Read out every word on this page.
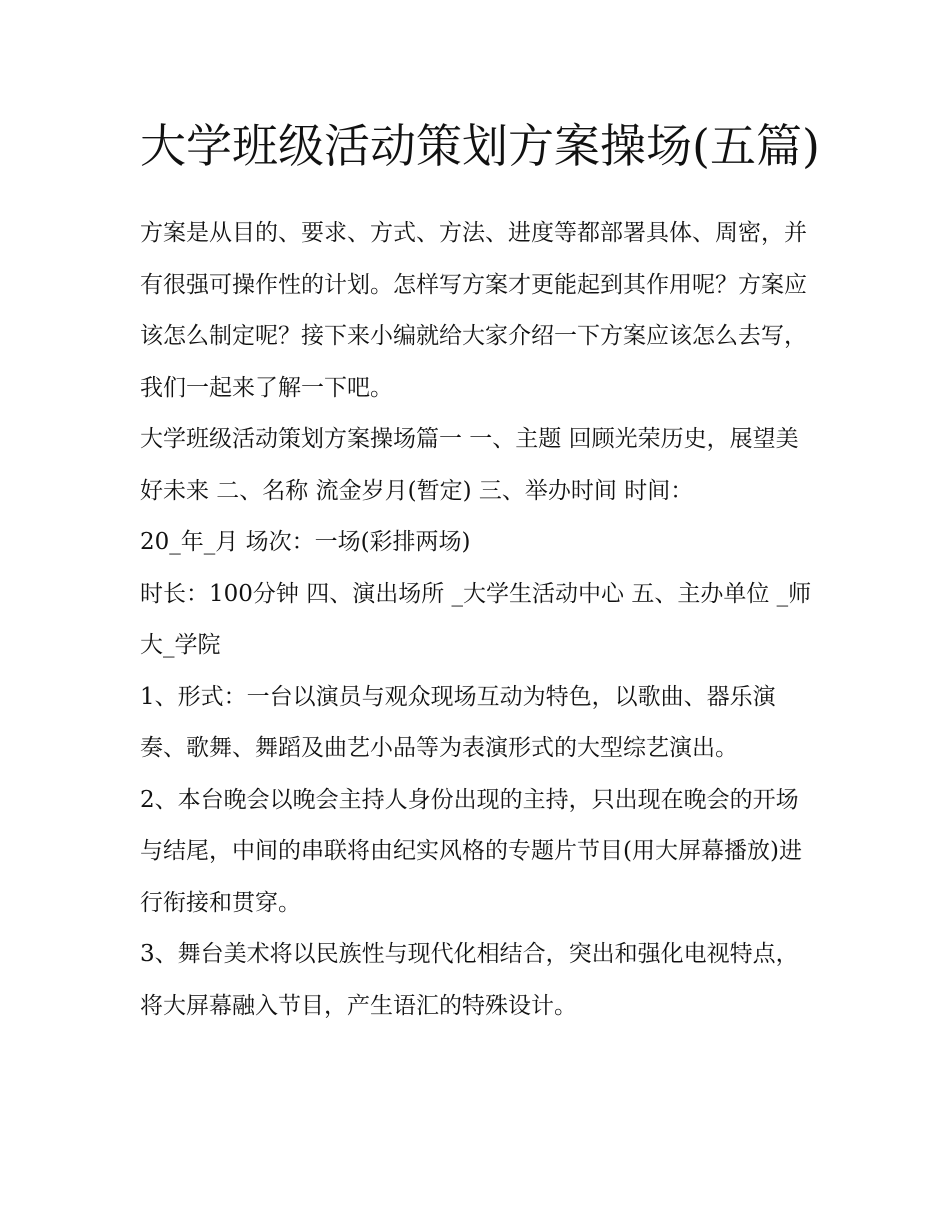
大学班级活动策划方案操场(五篇)

方案是从目的、要求、方式、方法、进度等都部署具体、周密，并有很强可操作性的计划。怎样写方案才更能起到其作用呢？方案应该怎么制定呢？接下来小编就给大家介绍一下方案应该怎么去写，我们一起来了解一下吧。

大学班级活动策划方案操场篇一 一、主题 回顾光荣历史，展望美好未来 二、名称 流金岁月(暂定) 三、举办时间 时间：

20_年_月 场次：一场(彩排两场)

时长：100分钟 四、演出场所 _大学生活动中心 五、主办单位 _师大_学院

1、形式：一台以演员与观众现场互动为特色，以歌曲、器乐演奏、歌舞、舞蹈及曲艺小品等为表演形式的大型综艺演出。

2、本台晚会以晚会主持人身份出现的主持，只出现在晚会的开场与结尾，中间的串联将由纪实风格的专题片节目(用大屏幕播放)进行衔接和贯穿。

3、舞台美术将以民族性与现代化相结合，突出和强化电视特点，将大屏幕融入节目，产生语汇的特殊设计。
